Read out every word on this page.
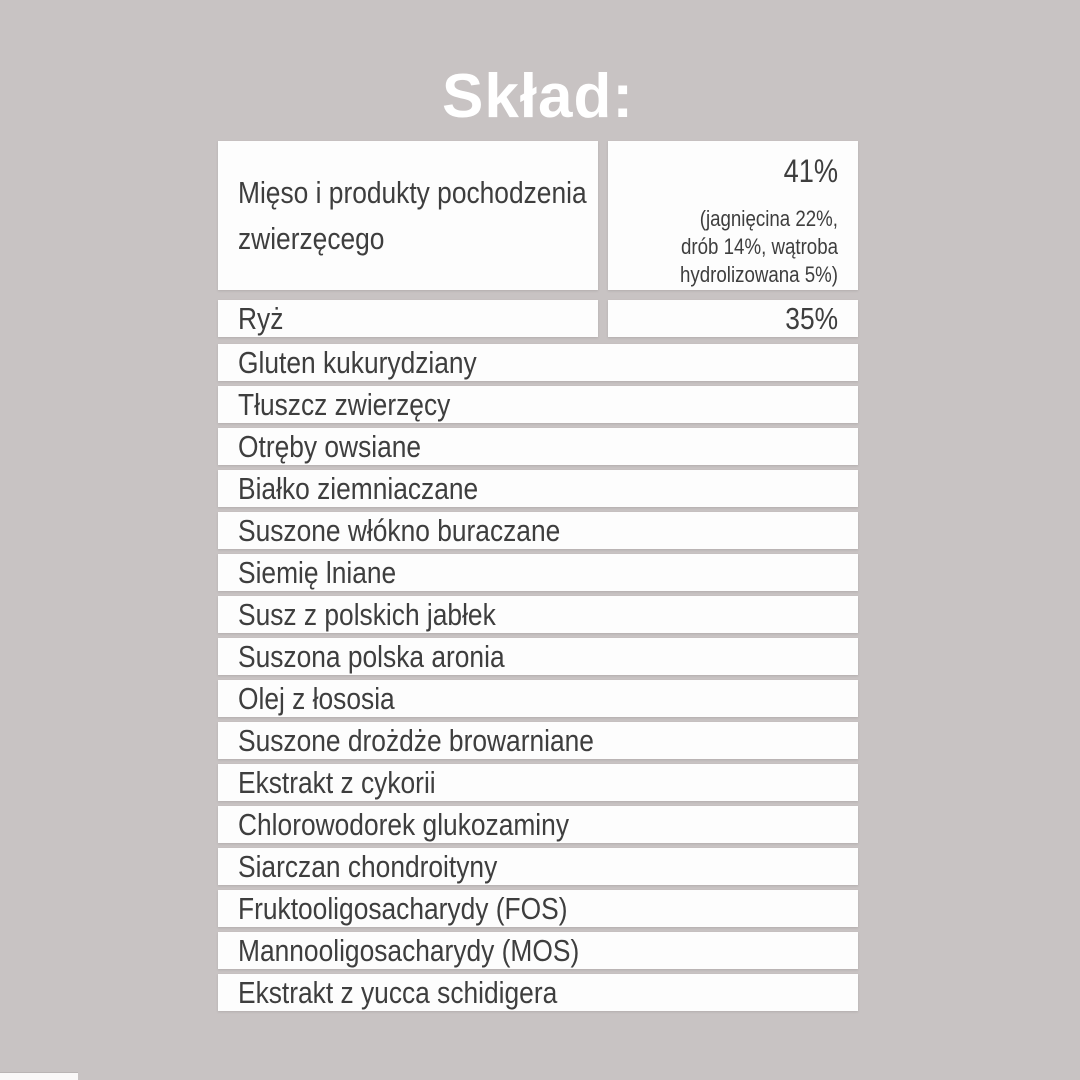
Skład:
Mięso i produkty pochodzenia
zwierzęcego
41%
(jagnięcina 22%,
drób 14%, wątroba
hydrolizowana 5%)
Ryż	35%
Gluten kukurydziany
Tłuszcz zwierzęcy
Otręby owsiane
Białko ziemniaczane
Suszone włókno buraczane
Siemię lniane
Susz z polskich jabłek
Suszona polska aronia
Olej z łososia
Suszone drożdże browarniane
Ekstrakt z cykorii
Chlorowodorek glukozaminy
Siarczan chondroityny
Fruktooligosacharydy (FOS)
Mannooligosacharydy (MOS)
Ekstrakt z yucca schidigera
